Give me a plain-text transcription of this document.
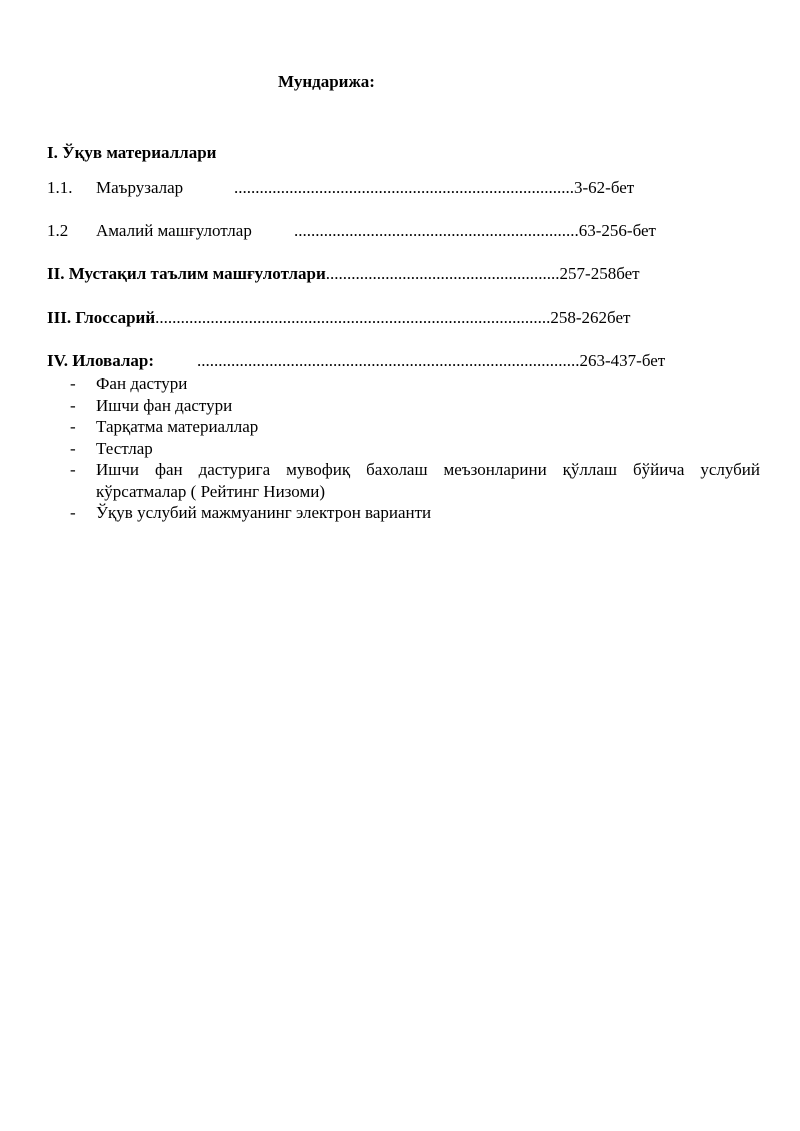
Мундарижа:
I. Ўқув материаллари
1.1. Маърузалар	................................................................................3-62-бет
1.2 Амалий машғулотлар ...................................................................63-256-бет
II. Мустақил таълим машғулотлари.......................................................257-258бет
III. Глоссарий.............................................................................................258-262бет
IV. Иловалар:	..........................................................................................263-437-бет
- Фан дастури
- Ишчи фан дастури
- Тарқатма материаллар
- Тестлар
- Ишчи фан дастурига мувофиқ бахолаш меъзонларини қўллаш бўйича услубий кўрсатмалар ( Рейтинг Низоми)
- Ўқув услубий мажмуанинг электрон варианти
